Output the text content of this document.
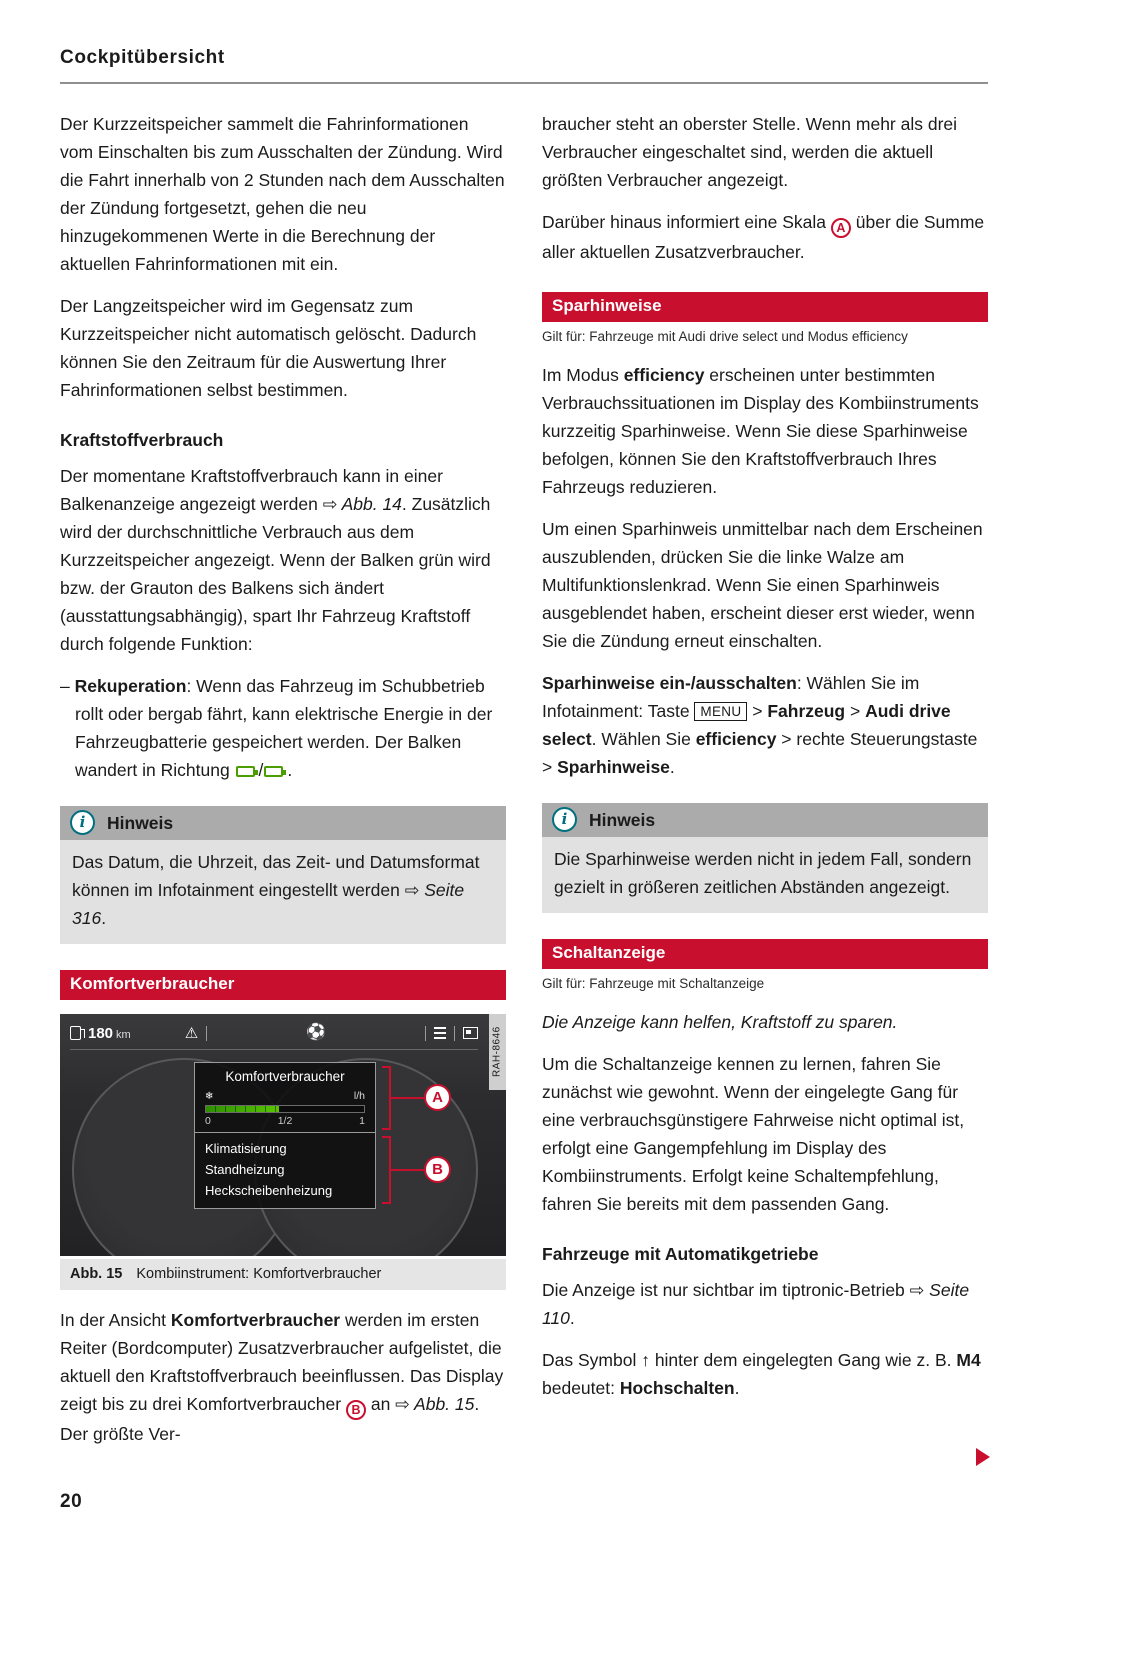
Cockpitübersicht

Der Kurzzeitspeicher sammelt die Fahrinformationen vom Einschalten bis zum Ausschalten der Zündung. Wird die Fahrt innerhalb von 2 Stunden nach dem Ausschalten der Zündung fortgesetzt, gehen die neu hinzugekommenen Werte in die Berechnung der aktuellen Fahrinformationen mit ein.

Der Langzeitspeicher wird im Gegensatz zum Kurzzeitspeicher nicht automatisch gelöscht. Dadurch können Sie den Zeitraum für die Auswertung Ihrer Fahrinformationen selbst bestimmen.

Kraftstoffverbrauch

Der momentane Kraftstoffverbrauch kann in einer Balkenanzeige angezeigt werden ⇨ Abb. 14. Zusätzlich wird der durchschnittliche Verbrauch aus dem Kurzzeitspeicher angezeigt. Wenn der Balken grün wird bzw. der Grauton des Balkens sich ändert (ausstattungsabhängig), spart Ihr Fahrzeug Kraftstoff durch folgende Funktion:

– Rekuperation: Wenn das Fahrzeug im Schubbetrieb rollt oder bergab fährt, kann elektrische Energie in der Fahrzeugbatterie gespeichert werden. Der Balken wandert in Richtung / .

i	Hinweis
Das Datum, die Uhrzeit, das Zeit- und Datumsformat können im Infotainment eingestellt werden ⇨ Seite 316.
Komfortverbraucher
180 km	⚠	⚽
Komfortverbraucher
❄	l/h
0	1/2	1
Klimatisierung
Standheizung
Heckscheibenheizung
A
B
RAH-8646
Abb. 15 Kombiinstrument: Komfortverbraucher

In der Ansicht Komfortverbraucher werden im ersten Reiter (Bordcomputer) Zusatzverbraucher aufgelistet, die aktuell den Kraftstoffverbrauch beeinflussen. Das Display zeigt bis zu drei Komfortverbraucher B an ⇨ Abb. 15. Der größte Ver-

braucher steht an oberster Stelle. Wenn mehr als drei Verbraucher eingeschaltet sind, werden die aktuell größten Verbraucher angezeigt.

Darüber hinaus informiert eine Skala A über die Summe aller aktuellen Zusatzverbraucher.

Sparhinweise
Gilt für: Fahrzeuge mit Audi drive select und Modus efficiency

Im Modus efficiency erscheinen unter bestimmten Verbrauchssituationen im Display des Kombiinstruments kurzzeitig Sparhinweise. Wenn Sie diese Sparhinweise befolgen, können Sie den Kraftstoffverbrauch Ihres Fahrzeugs reduzieren.

Um einen Sparhinweis unmittelbar nach dem Erscheinen auszublenden, drücken Sie die linke Walze am Multifunktionslenkrad. Wenn Sie einen Sparhinweis ausgeblendet haben, erscheint dieser erst wieder, wenn Sie die Zündung erneut einschalten.

Sparhinweise ein-/ausschalten: Wählen Sie im Infotainment: Taste MENU > Fahrzeug > Audi drive select. Wählen Sie efficiency > rechte Steuerungstaste > Sparhinweise.

i	Hinweis
Die Sparhinweise werden nicht in jedem Fall, sondern gezielt in größeren zeitlichen Abständen angezeigt.
Schaltanzeige
Gilt für: Fahrzeuge mit Schaltanzeige

Die Anzeige kann helfen, Kraftstoff zu sparen.

Um die Schaltanzeige kennen zu lernen, fahren Sie zunächst wie gewohnt. Wenn der eingelegte Gang für eine verbrauchsgünstigere Fahrweise nicht optimal ist, erfolgt eine Gangempfehlung im Display des Kombiinstruments. Erfolgt keine Schaltempfehlung, fahren Sie bereits mit dem passenden Gang.

Fahrzeuge mit Automatikgetriebe

Die Anzeige ist nur sichtbar im tiptronic-Betrieb ⇨ Seite 110.

Das Symbol ↑ hinter dem eingelegten Gang wie z. B. M4 bedeutet: Hochschalten.

20
